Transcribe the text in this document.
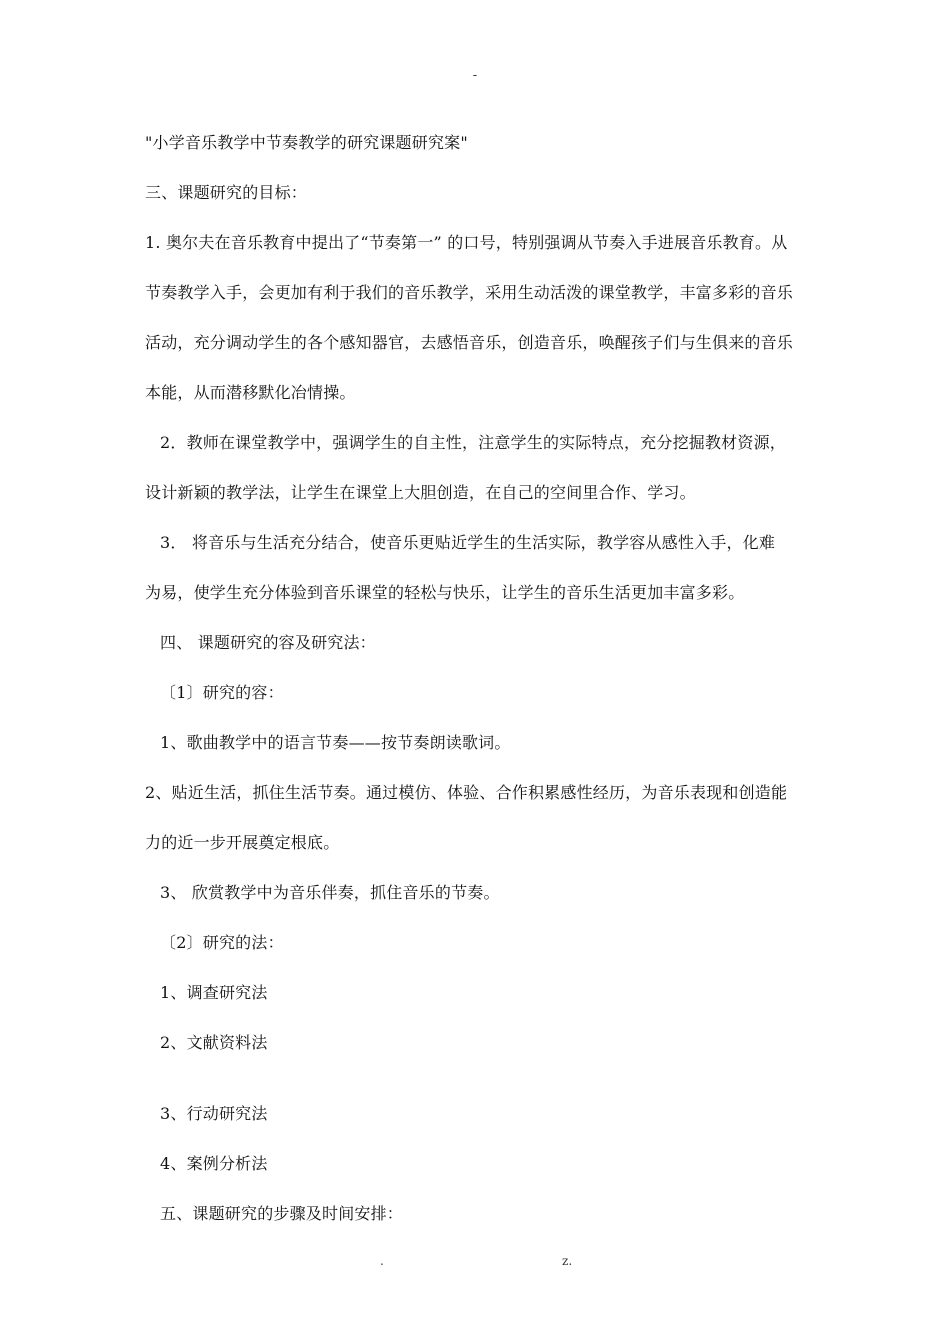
-
"小学音乐教学中节奏教学的研究课题研究案"
三、课题研究的目标：
1. 奥尔夫在音乐教育中提出了“节奏第一” 的口号，特别强调从节奏入手进展音乐教育。从
节奏教学入手，会更加有利于我们的音乐教学，采用生动活泼的课堂教学，丰富多彩的音乐
活动，充分调动学生的各个感知器官，去感悟音乐，创造音乐，唤醒孩子们与生俱来的音乐
本能，从而潜移默化冶情操。
2．教师在课堂教学中，强调学生的自主性，注意学生的实际特点，充分挖掘教材资源，
设计新颖的教学法，让学生在课堂上大胆创造，在自己的空间里合作、学习。
3． 将音乐与生活充分结合，使音乐更贴近学生的生活实际，教学容从感性入手，化难
为易，使学生充分体验到音乐课堂的轻松与快乐，让学生的音乐生活更加丰富多彩。
四、 课题研究的容及研究法：
〔1〕研究的容：
1、歌曲教学中的语言节奏——按节奏朗读歌词。
2、贴近生活，抓住生活节奏。通过模仿、体验、合作积累感性经历，为音乐表现和创造能
力的近一步开展奠定根底。
3、 欣赏教学中为音乐伴奏，抓住音乐的节奏。
〔2〕研究的法：
1、调查研究法
2、文献资料法
3、行动研究法
4、案例分析法
五、课题研究的步骤及时间安排：
.	z.
